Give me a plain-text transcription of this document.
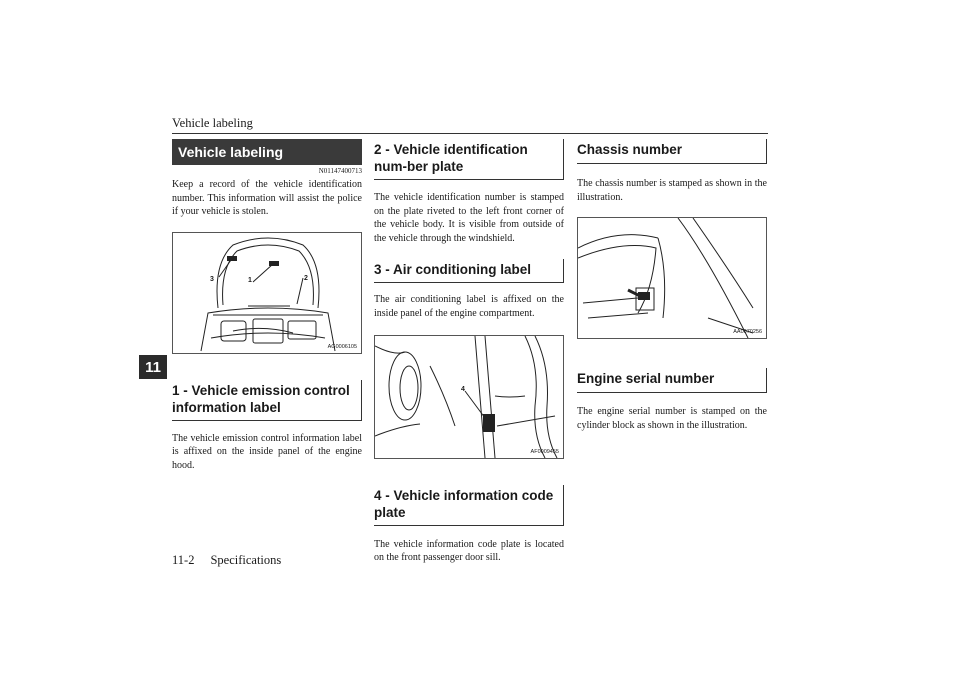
Vehicle labeling
11
Vehicle labeling
N01147400713
Keep a record of the vehicle identification number. This information will assist the police if your vehicle is stolen.
3	1	2
AG0006105
1 - Vehicle emission control information label
The vehicle emission control information label is affixed on the inside panel of the engine hood.
2 - Vehicle identification num-ber plate
The vehicle identification number is stamped on the plate riveted to the left front corner of the vehicle body. It is visible from outside of the vehicle through the windshield.
3 - Air conditioning label
The air conditioning label is affixed on the inside panel of the engine compartment.
4
AF0009455
4 - Vehicle information code plate
The vehicle information code plate is located on the front passenger door sill.
Chassis number
The chassis number is stamped as shown in the illustration.
AA0070256
Engine serial number
The engine serial number is stamped on the cylinder block as shown in the illustration.
11-2 Specifications
